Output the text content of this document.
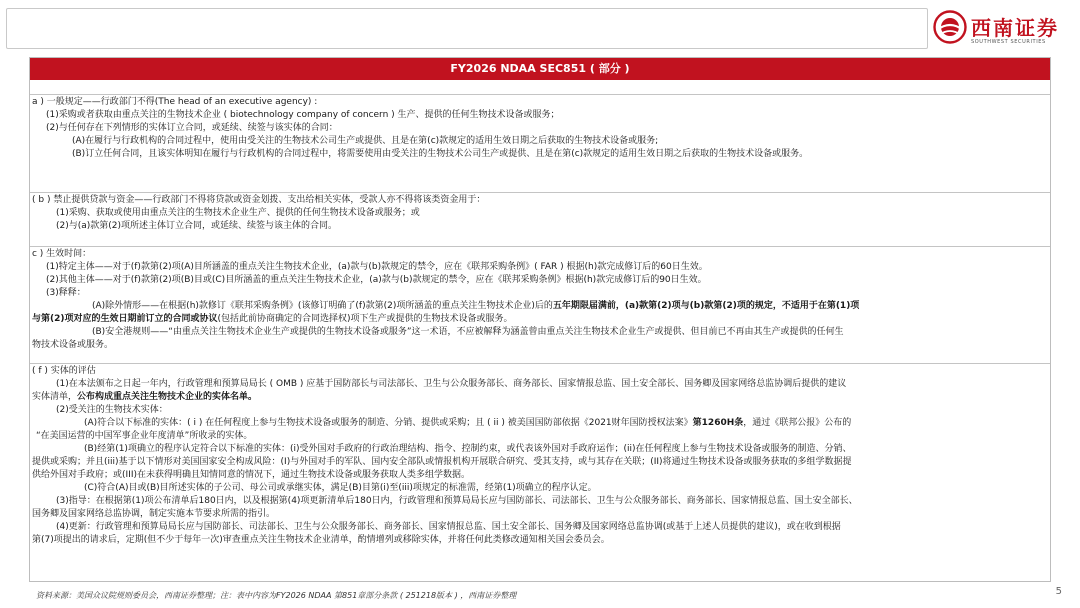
西南证券
SOUTHWEST SECURITIES
FY2026 NDAA SEC851 ( 部分 )
a ) 一般规定——行政部门不得(The head of an executive agency) :
(1)采购或者获取由重点关注的生物技术企业 ( biotechnology company of concern ) 生产、提供的任何生物技术设备或服务；
(2)与任何存在下列情形的实体订立合同，或延续、续签与该实体的合同：
(A)在履行与行政机构的合同过程中，使用由受关注的生物技术公司生产或提供、且是在第(c)款规定的适用生效日期之后获取的生物技术设备或服务;
(B)订立任何合同，且该实体明知在履行与行政机构的合同过程中，将需要使用由受关注的生物技术公司生产或提供、且是在第(c)款规定的适用生效日期之后获取的生物技术设备或服务。
( b ) 禁止提供贷款与资金——行政部门不得将贷款或资金划拨、支出给相关实体，受款人亦不得将该类资金用于：
(1)采购、获取或使用由重点关注的生物技术企业生产、提供的任何生物技术设备或服务；或
(2)与(a)款第(2)项所述主体订立合同，或延续、续签与该主体的合同。
c ) 生效时间：
(1)特定主体——对于(f)款第(2)项(A)目所涵盖的重点关注生物技术企业，(a)款与(b)款规定的禁令，应在《联邦采购条例》( FAR ) 根据(h)款完成修订后的60日生效。
(2)其他主体——对于(f)款第(2)项(B)目或(C)目所涵盖的重点关注生物技术企业，(a)款与(b)款规定的禁令，应在《联邦采购条例》根据(h)款完成修订后的90日生效。
(3)释释：
(A)除外情形——在根据(h)款修订《联邦采购条例》(该修订明确了(f)款第(2)项所涵盖的重点关注生物技术企业)后的五年期限届满前，(a)款第(2)项与(b)款第(2)项的规定，不适用于在第(1)项
与第(2)项对应的生效日期前订立的合同或协议(包括此前协商确定的合同选择权)项下生产或提供的生物技术设备或服务。
(B)安全港规则——“由重点关注生物技术企业生产或提供的生物技术设备或服务”这一术语，不应被解释为涵盖曾由重点关注生物技术企业生产或提供、但目前已不再由其生产或提供的任何生
物技术设备或服务。
( f ) 实体的评估
(1)在本法颁布之日起一年内，行政管理和预算局局长 ( OMB ) 应基于国防部长与司法部长、卫生与公众服务部长、商务部长、国家情报总监、国土安全部长、国务卿及国家网络总监协调后提供的建议
实体清单，公布构成重点关注生物技术企业的实体名单。
(2)受关注的生物技术实体：
(A)符合以下标准的实体：( i ) 在任何程度上参与生物技术设备或服务的制造、分销、提供或采购；且 ( ii ) 被美国国防部依据《2021财年国防授权法案》第1260H条，通过《联邦公报》公布的
“在美国运营的中国军事企业年度清单”所收录的实体。
(B)经第(1)项确立的程序认定符合以下标准的实体：(i)受外国对手政府的行政治理结构、指令、控制约束，或代表该外国对手政府运作；(ii)在任何程度上参与生物技术设备或服务的制造、分销、
提供或采购；并且(iii)基于以下情形对美国国家安全构成风险：(I)与外国对手的军队、国内安全部队或情报机构开展联合研究、受其支持，或与其存在关联；(II)将通过生物技术设备或服务获取的多组学数据提
供给外国对手政府；或(III)在未获得明确且知情同意的情况下，通过生物技术设备或服务获取人类多组学数据。
(C)符合(A)目或(B)目所述实体的子公司、母公司或承继实体，满足(B)目第(i)至(iii)项规定的标准需，经第(1)项确立的程序认定。
(3)指导：在根据第(1)项公布清单后180日内，以及根据第(4)项更新清单后180日内，行政管理和预算局局长应与国防部长、司法部长、卫生与公众服务部长、商务部长、国家情报总监、国土安全部长、
国务卿及国家网络总监协调，制定实施本节要求所需的指引。
(4)更新：行政管理和预算局局长应与国防部长、司法部长、卫生与公众服务部长、商务部长、国家情报总监、国土安全部长、国务卿及国家网络总监协调(或基于上述人员提供的建议)，或在收到根据
第(7)项提出的请求后，定期(但不少于每年一次)审查重点关注生物技术企业清单，酌情增列或移除实体，并将任何此类修改通知相关国会委员会。
资料来源：美国众议院规则委员会，西南证券整理；注：表中内容为FY2026 NDAA 第851章部分条款 ( 251218版本 ) ，西南证券整理	5
